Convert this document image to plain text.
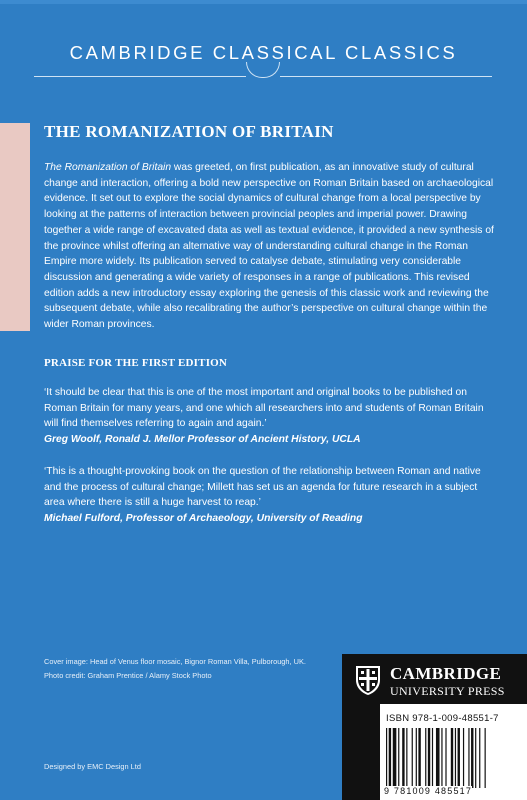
CAMBRIDGE CLASSICAL CLASSICS
THE ROMANIZATION OF BRITAIN
The Romanization of Britain was greeted, on first publication, as an innovative study of cultural change and interaction, offering a bold new perspective on Roman Britain based on archaeological evidence. It set out to explore the social dynamics of cultural change from a local perspective by looking at the patterns of interaction between provincial peoples and imperial power. Drawing together a wide range of excavated data as well as textual evidence, it provided a new synthesis of the province whilst offering an alternative way of understanding cultural change in the Roman Empire more widely. Its publication served to catalyse debate, stimulating very considerable discussion and generating a wide variety of responses in a range of publications. This revised edition adds a new introductory essay exploring the genesis of this classic work and reviewing the subsequent debate, while also recalibrating the author’s perspective on cultural change within the wider Roman provinces.
PRAISE FOR THE FIRST EDITION
‘It should be clear that this is one of the most important and original books to be published on Roman Britain for many years, and one which all researchers into and students of Roman Britain will find themselves referring to again and again.’
Greg Woolf, Ronald J. Mellor Professor of Ancient History, UCLA
‘This is a thought-provoking book on the question of the relationship between Roman and native and the process of cultural change; Millett has set us an agenda for future research in a subject area where there is still a huge harvest to reap.’
Michael Fulford, Professor of Archaeology, University of Reading
Cover image: Head of Venus floor mosaic, Bignor Roman Villa, Pulborough, UK. Photo credit: Graham Prentice / Alamy Stock Photo
Designed by EMC Design Ltd
CAMBRIDGE
UNIVERSITY PRESS
ISBN 978-1-009-48551-7
9 781009 485517
